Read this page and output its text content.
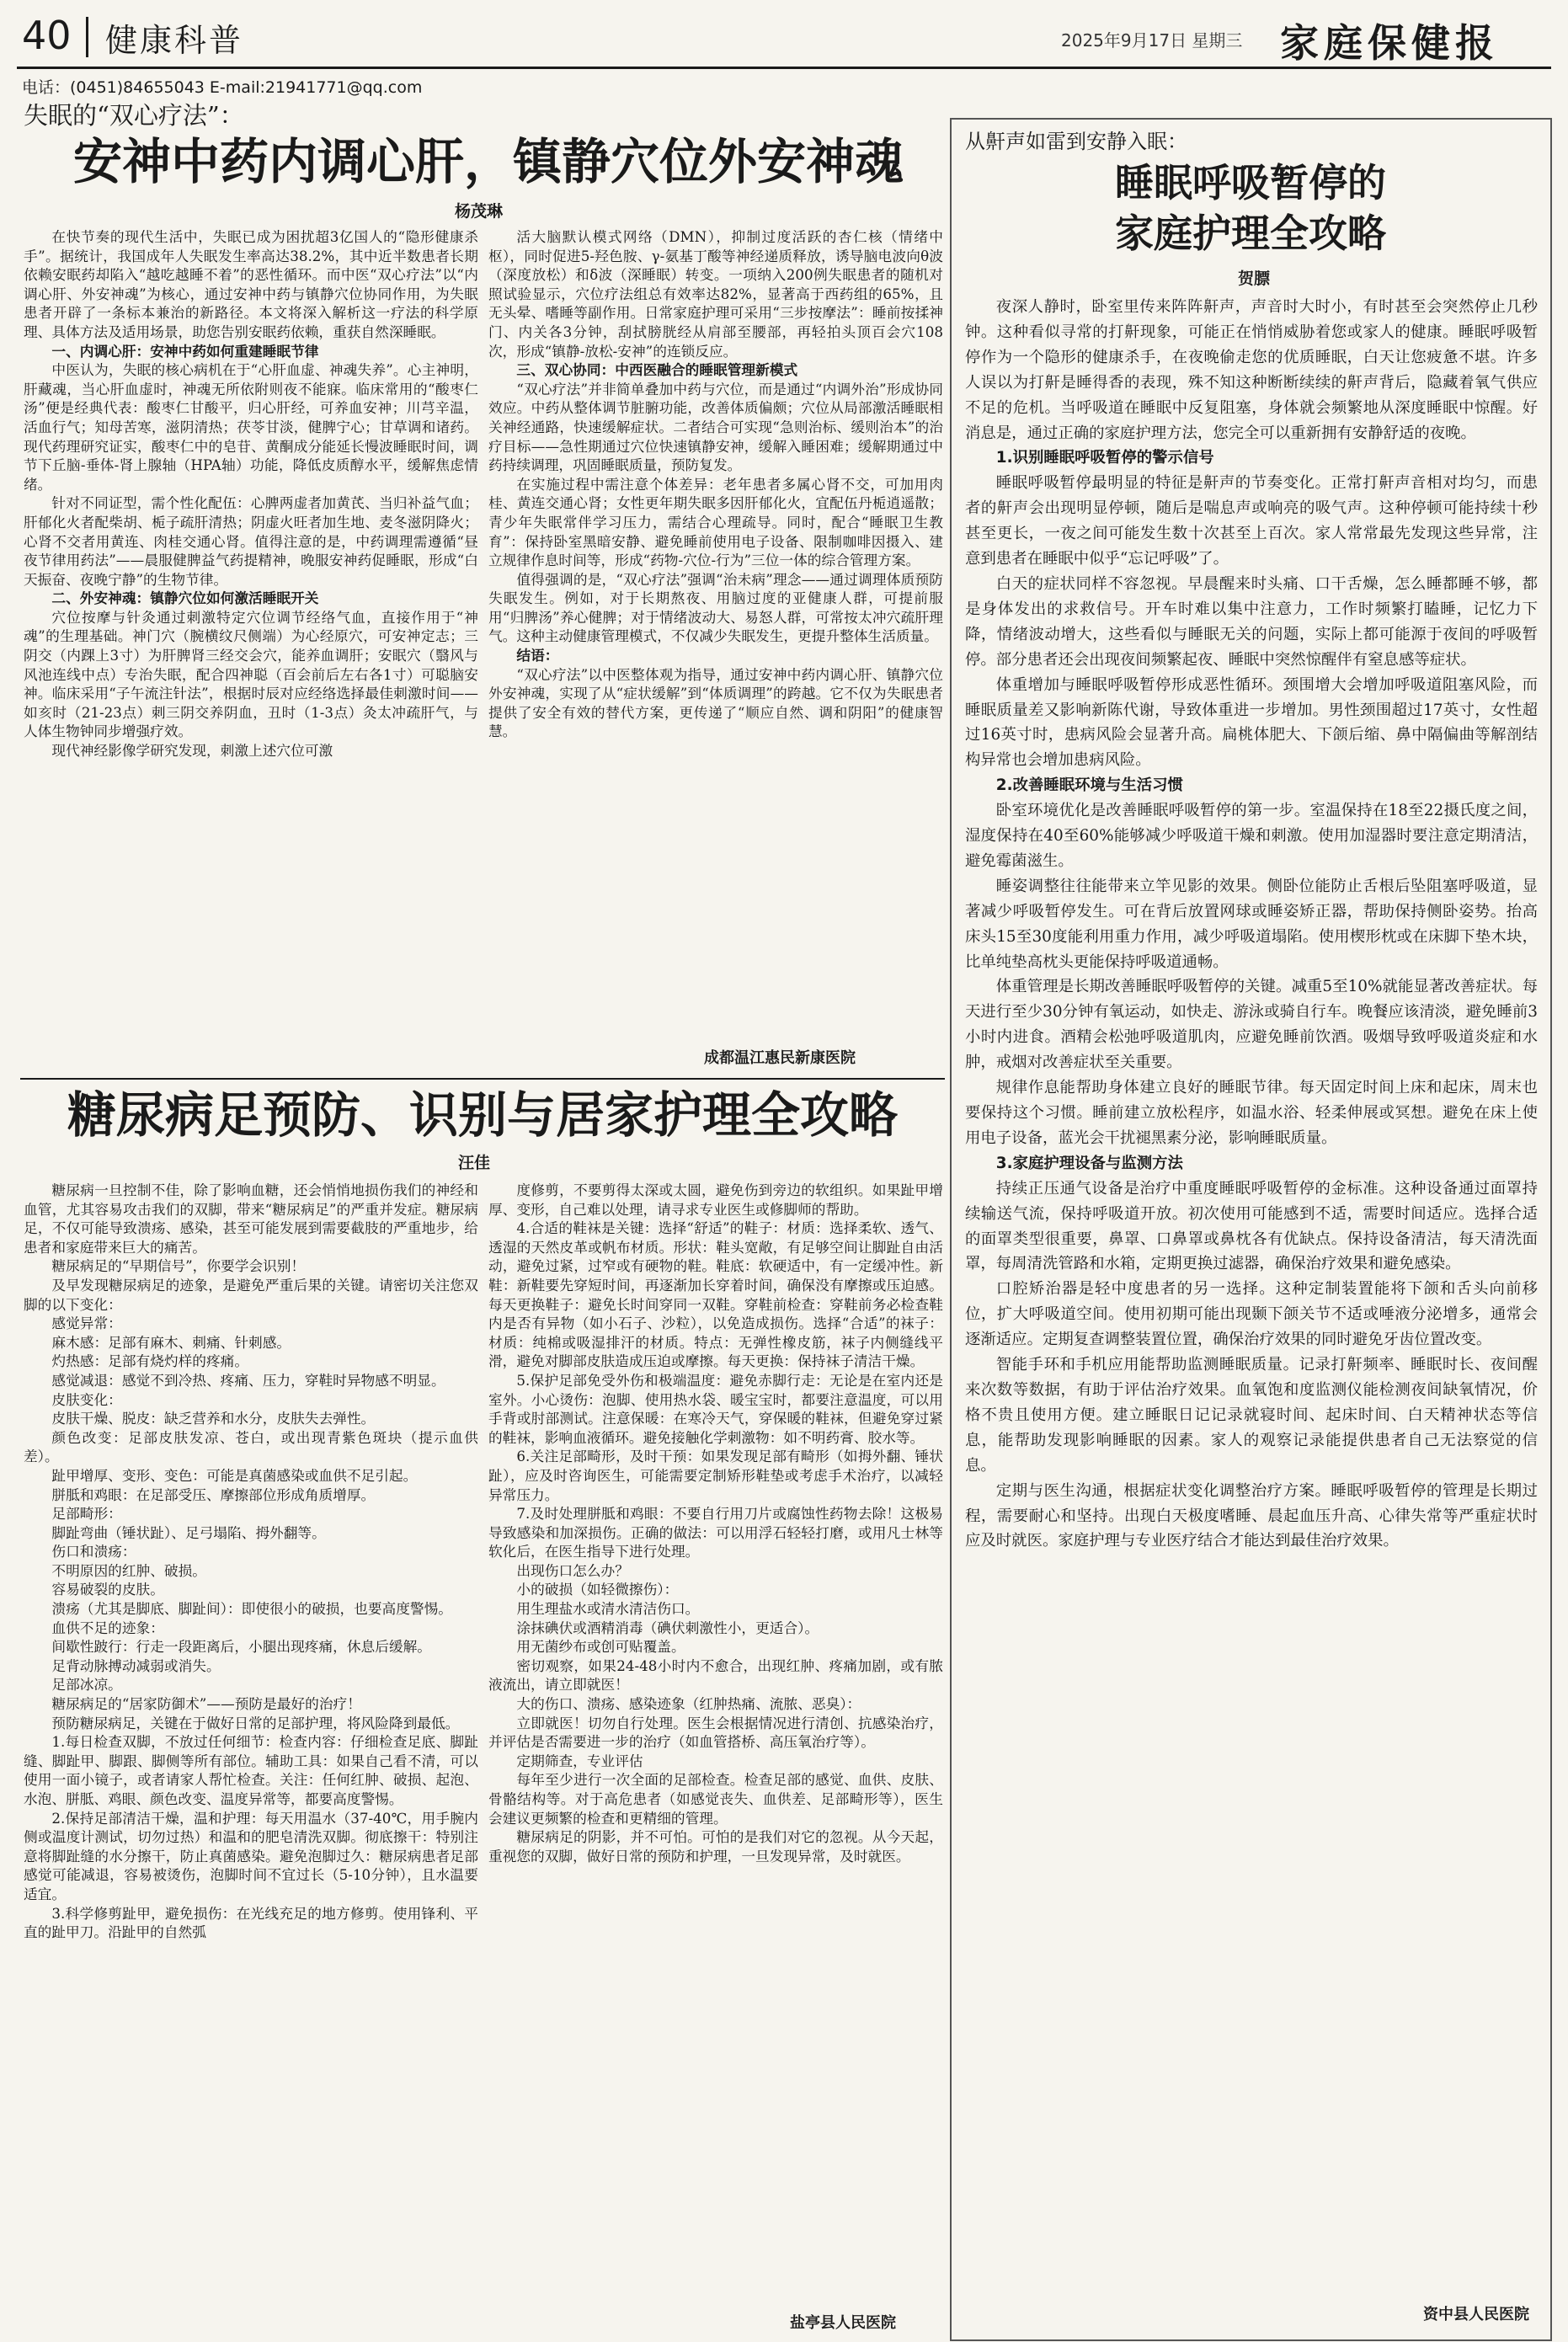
40 健康科普	2025年9月17日 星期三 家庭保健报
电话：(0451)84655043 E-mail:21941771@qq.com
失眠的“双心疗法”：
安神中药内调心肝，镇静穴位外安神魂
杨茂琳

在快节奏的现代生活中，失眠已成为困扰超3亿国人的“隐形健康杀手”。据统计，我国成年人失眠发生率高达38.2%，其中近半数患者长期依赖安眠药却陷入“越吃越睡不着”的恶性循环。而中医“双心疗法”以“内调心肝、外安神魂”为核心，通过安神中药与镇静穴位协同作用，为失眠患者开辟了一条标本兼治的新路径。本文将深入解析这一疗法的科学原理、具体方法及适用场景，助您告别安眠药依赖，重获自然深睡眠。

一、内调心肝：安神中药如何重建睡眠节律

中医认为，失眠的核心病机在于“心肝血虚、神魂失养”。心主神明，肝藏魂，当心肝血虚时，神魂无所依附则夜不能寐。临床常用的“酸枣仁汤”便是经典代表：酸枣仁甘酸平，归心肝经，可养血安神；川芎辛温，活血行气；知母苦寒，滋阴清热；茯苓甘淡，健脾宁心；甘草调和诸药。现代药理研究证实，酸枣仁中的皂苷、黄酮成分能延长慢波睡眠时间，调节下丘脑-垂体-肾上腺轴（HPA轴）功能，降低皮质醇水平，缓解焦虑情绪。

针对不同证型，需个性化配伍：心脾两虚者加黄芪、当归补益气血；肝郁化火者配柴胡、栀子疏肝清热；阴虚火旺者加生地、麦冬滋阴降火；心肾不交者用黄连、肉桂交通心肾。值得注意的是，中药调理需遵循“昼夜节律用药法”——晨服健脾益气药提精神，晚服安神药促睡眠，形成“白天振奋、夜晚宁静”的生物节律。

二、外安神魂：镇静穴位如何激活睡眠开关

穴位按摩与针灸通过刺激特定穴位调节经络气血，直接作用于“神魂”的生理基础。神门穴（腕横纹尺侧端）为心经原穴，可安神定志；三阴交（内踝上3寸）为肝脾肾三经交会穴，能养血调肝；安眠穴（翳风与风池连线中点）专治失眠，配合四神聪（百会前后左右各1寸）可聪脑安神。临床采用“子午流注针法”，根据时辰对应经络选择最佳刺激时间——如亥时（21-23点）刺三阴交养阴血，丑时（1-3点）灸太冲疏肝气，与人体生物钟同步增强疗效。

现代神经影像学研究发现，刺激上述穴位可激

活大脑默认模式网络（DMN），抑制过度活跃的杏仁核（情绪中枢），同时促进5-羟色胺、γ-氨基丁酸等神经递质释放，诱导脑电波向θ波（深度放松）和δ波（深睡眠）转变。一项纳入200例失眠患者的随机对照试验显示，穴位疗法组总有效率达82%，显著高于西药组的65%，且无头晕、嗜睡等副作用。日常家庭护理可采用“三步按摩法”：睡前按揉神门、内关各3分钟，刮拭膀胱经从肩部至腰部，再轻拍头顶百会穴108次，形成“镇静-放松-安神”的连锁反应。

三、双心协同：中西医融合的睡眠管理新模式

“双心疗法”并非简单叠加中药与穴位，而是通过“内调外治”形成协同效应。中药从整体调节脏腑功能，改善体质偏颇；穴位从局部激活睡眠相关神经通路，快速缓解症状。二者结合可实现“急则治标、缓则治本”的治疗目标——急性期通过穴位快速镇静安神，缓解入睡困难；缓解期通过中药持续调理，巩固睡眠质量，预防复发。

在实施过程中需注意个体差异：老年患者多属心肾不交，可加用肉桂、黄连交通心肾；女性更年期失眠多因肝郁化火，宜配伍丹栀逍遥散；青少年失眠常伴学习压力，需结合心理疏导。同时，配合“睡眠卫生教育”：保持卧室黑暗安静、避免睡前使用电子设备、限制咖啡因摄入、建立规律作息时间等，形成“药物-穴位-行为”三位一体的综合管理方案。

值得强调的是，“双心疗法”强调“治未病”理念——通过调理体质预防失眠发生。例如，对于长期熬夜、用脑过度的亚健康人群，可提前服用“归脾汤”养心健脾；对于情绪波动大、易怒人群，可常按太冲穴疏肝理气。这种主动健康管理模式，不仅减少失眠发生，更提升整体生活质量。

结语：

“双心疗法”以中医整体观为指导，通过安神中药内调心肝、镇静穴位外安神魂，实现了从“症状缓解”到“体质调理”的跨越。它不仅为失眠患者提供了安全有效的替代方案，更传递了“顺应自然、调和阴阳”的健康智慧。

成都温江惠民新康医院
糖尿病足预防、识别与居家护理全攻略
汪佳

糖尿病一旦控制不佳，除了影响血糖，还会悄悄地损伤我们的神经和血管，尤其容易攻击我们的双脚，带来“糖尿病足”的严重并发症。糖尿病足，不仅可能导致溃疡、感染，甚至可能发展到需要截肢的严重地步，给患者和家庭带来巨大的痛苦。

糖尿病足的“早期信号”，你要学会识别！

及早发现糖尿病足的迹象，是避免严重后果的关键。请密切关注您双脚的以下变化：

感觉异常：

麻木感：足部有麻木、刺痛、针刺感。

灼热感：足部有烧灼样的疼痛。

感觉减退：感觉不到冷热、疼痛、压力，穿鞋时异物感不明显。

皮肤变化：

皮肤干燥、脱皮：缺乏营养和水分，皮肤失去弹性。

颜色改变：足部皮肤发凉、苍白，或出现青紫色斑块（提示血供差）。

趾甲增厚、变形、变色：可能是真菌感染或血供不足引起。

胼胝和鸡眼：在足部受压、摩擦部位形成角质增厚。

足部畸形：

脚趾弯曲（锤状趾）、足弓塌陷、拇外翻等。

伤口和溃疡：

不明原因的红肿、破损。

容易破裂的皮肤。

溃疡（尤其是脚底、脚趾间）：即使很小的破损，也要高度警惕。

血供不足的迹象：

间歇性跛行：行走一段距离后，小腿出现疼痛，休息后缓解。

足背动脉搏动减弱或消失。

足部冰凉。

糖尿病足的“居家防御术”——预防是最好的治疗！

预防糖尿病足，关键在于做好日常的足部护理，将风险降到最低。

1.每日检查双脚，不放过任何细节：检查内容：仔细检查足底、脚趾缝、脚趾甲、脚跟、脚侧等所有部位。辅助工具：如果自己看不清，可以使用一面小镜子，或者请家人帮忙检查。关注：任何红肿、破损、起泡、水泡、胼胝、鸡眼、颜色改变、温度异常等，都要高度警惕。

2.保持足部清洁干燥，温和护理：每天用温水（37-40℃，用手腕内侧或温度计测试，切勿过热）和温和的肥皂清洗双脚。彻底擦干：特别注意将脚趾缝的水分擦干，防止真菌感染。避免泡脚过久：糖尿病患者足部感觉可能减退，容易被烫伤，泡脚时间不宜过长（5-10分钟），且水温要适宜。

3.科学修剪趾甲，避免损伤：在光线充足的地方修剪。使用锋利、平直的趾甲刀。沿趾甲的自然弧

度修剪，不要剪得太深或太圆，避免伤到旁边的软组织。如果趾甲增厚、变形，自己难以处理，请寻求专业医生或修脚师的帮助。

4.合适的鞋袜是关键：选择“舒适”的鞋子：材质：选择柔软、透气、透湿的天然皮革或帆布材质。形状：鞋头宽敞，有足够空间让脚趾自由活动，避免过紧，过窄或有硬物的鞋。鞋底：软硬适中，有一定缓冲性。新鞋：新鞋要先穿短时间，再逐渐加长穿着时间，确保没有摩擦或压迫感。每天更换鞋子：避免长时间穿同一双鞋。穿鞋前检查：穿鞋前务必检查鞋内是否有异物（如小石子、沙粒），以免造成损伤。选择“合适”的袜子：材质：纯棉或吸湿排汗的材质。特点：无弹性橡皮筋，袜子内侧缝线平滑，避免对脚部皮肤造成压迫或摩擦。每天更换：保持袜子清洁干燥。

5.保护足部免受外伤和极端温度：避免赤脚行走：无论是在室内还是室外。小心烫伤：泡脚、使用热水袋、暖宝宝时，都要注意温度，可以用手背或肘部测试。注意保暖：在寒冷天气，穿保暖的鞋袜，但避免穿过紧的鞋袜，影响血液循环。避免接触化学刺激物：如不明药膏、胶水等。

6.关注足部畸形，及时干预：如果发现足部有畸形（如拇外翻、锤状趾），应及时咨询医生，可能需要定制矫形鞋垫或考虑手术治疗，以减轻异常压力。

7.及时处理胼胝和鸡眼：不要自行用刀片或腐蚀性药物去除！这极易导致感染和加深损伤。正确的做法：可以用浮石轻轻打磨，或用凡士林等软化后，在医生指导下进行处理。

出现伤口怎么办？

小的破损（如轻微擦伤）：

用生理盐水或清水清洁伤口。

涂抹碘伏或酒精消毒（碘伏刺激性小，更适合）。

用无菌纱布或创可贴覆盖。

密切观察，如果24-48小时内不愈合，出现红肿、疼痛加剧，或有脓液流出，请立即就医！

大的伤口、溃疡、感染迹象（红肿热痛、流脓、恶臭）：

立即就医！切勿自行处理。医生会根据情况进行清创、抗感染治疗，并评估是否需要进一步的治疗（如血管搭桥、高压氧治疗等）。

定期筛查，专业评估

每年至少进行一次全面的足部检查。检查足部的感觉、血供、皮肤、骨骼结构等。对于高危患者（如感觉丧失、血供差、足部畸形等），医生会建议更频繁的检查和更精细的管理。

糖尿病足的阴影，并不可怕。可怕的是我们对它的忽视。从今天起，重视您的双脚，做好日常的预防和护理，一旦发现异常，及时就医。

盐亭县人民医院
从鼾声如雷到安静入眠：
睡眠呼吸暂停的
家庭护理全攻略
贺膘

夜深人静时，卧室里传来阵阵鼾声，声音时大时小，有时甚至会突然停止几秒钟。这种看似寻常的打鼾现象，可能正在悄悄威胁着您或家人的健康。睡眠呼吸暂停作为一个隐形的健康杀手，在夜晚偷走您的优质睡眠，白天让您疲惫不堪。许多人误以为打鼾是睡得香的表现，殊不知这种断断续续的鼾声背后，隐藏着氧气供应不足的危机。当呼吸道在睡眠中反复阻塞，身体就会频繁地从深度睡眠中惊醒。好消息是，通过正确的家庭护理方法，您完全可以重新拥有安静舒适的夜晚。

1.识别睡眠呼吸暂停的警示信号

睡眠呼吸暂停最明显的特征是鼾声的节奏变化。正常打鼾声音相对均匀，而患者的鼾声会出现明显停顿，随后是喘息声或响亮的吸气声。这种停顿可能持续十秒甚至更长，一夜之间可能发生数十次甚至上百次。家人常常最先发现这些异常，注意到患者在睡眠中似乎“忘记呼吸”了。

白天的症状同样不容忽视。早晨醒来时头痛、口干舌燥，怎么睡都睡不够，都是身体发出的求救信号。开车时难以集中注意力，工作时频繁打瞌睡，记忆力下降，情绪波动增大，这些看似与睡眠无关的问题，实际上都可能源于夜间的呼吸暂停。部分患者还会出现夜间频繁起夜、睡眠中突然惊醒伴有窒息感等症状。

体重增加与睡眠呼吸暂停形成恶性循环。颈围增大会增加呼吸道阻塞风险，而睡眠质量差又影响新陈代谢，导致体重进一步增加。男性颈围超过17英寸，女性超过16英寸时，患病风险会显著升高。扁桃体肥大、下颌后缩、鼻中隔偏曲等解剖结构异常也会增加患病风险。

2.改善睡眠环境与生活习惯

卧室环境优化是改善睡眠呼吸暂停的第一步。室温保持在18至22摄氏度之间，湿度保持在40至60%能够减少呼吸道干燥和刺激。使用加湿器时要注意定期清洁，避免霉菌滋生。

睡姿调整往往能带来立竿见影的效果。侧卧位能防止舌根后坠阻塞呼吸道，显著减少呼吸暂停发生。可在背后放置网球或睡姿矫正器，帮助保持侧卧姿势。抬高床头15至30度能利用重力作用，减少呼吸道塌陷。使用楔形枕或在床脚下垫木块，比单纯垫高枕头更能保持呼吸道通畅。

体重管理是长期改善睡眠呼吸暂停的关键。减重5至10%就能显著改善症状。每天进行至少30分钟有氧运动，如快走、游泳或骑自行车。晚餐应该清淡，避免睡前3小时内进食。酒精会松弛呼吸道肌肉，应避免睡前饮酒。吸烟导致呼吸道炎症和水肿，戒烟对改善症状至关重要。

规律作息能帮助身体建立良好的睡眠节律。每天固定时间上床和起床，周末也要保持这个习惯。睡前建立放松程序，如温水浴、轻柔伸展或冥想。避免在床上使用电子设备，蓝光会干扰褪黑素分泌，影响睡眠质量。

3.家庭护理设备与监测方法

持续正压通气设备是治疗中重度睡眠呼吸暂停的金标准。这种设备通过面罩持续输送气流，保持呼吸道开放。初次使用可能感到不适，需要时间适应。选择合适的面罩类型很重要，鼻罩、口鼻罩或鼻枕各有优缺点。保持设备清洁，每天清洗面罩，每周清洗管路和水箱，定期更换过滤器，确保治疗效果和避免感染。

口腔矫治器是轻中度患者的另一选择。这种定制装置能将下颌和舌头向前移位，扩大呼吸道空间。使用初期可能出现颞下颌关节不适或唾液分泌增多，通常会逐渐适应。定期复查调整装置位置，确保治疗效果的同时避免牙齿位置改变。

智能手环和手机应用能帮助监测睡眠质量。记录打鼾频率、睡眠时长、夜间醒来次数等数据，有助于评估治疗效果。血氧饱和度监测仪能检测夜间缺氧情况，价格不贵且使用方便。建立睡眠日记记录就寝时间、起床时间、白天精神状态等信息，能帮助发现影响睡眠的因素。家人的观察记录能提供患者自己无法察觉的信息。

定期与医生沟通，根据症状变化调整治疗方案。睡眠呼吸暂停的管理是长期过程，需要耐心和坚持。出现白天极度嗜睡、晨起血压升高、心律失常等严重症状时应及时就医。家庭护理与专业医疗结合才能达到最佳治疗效果。

资中县人民医院
